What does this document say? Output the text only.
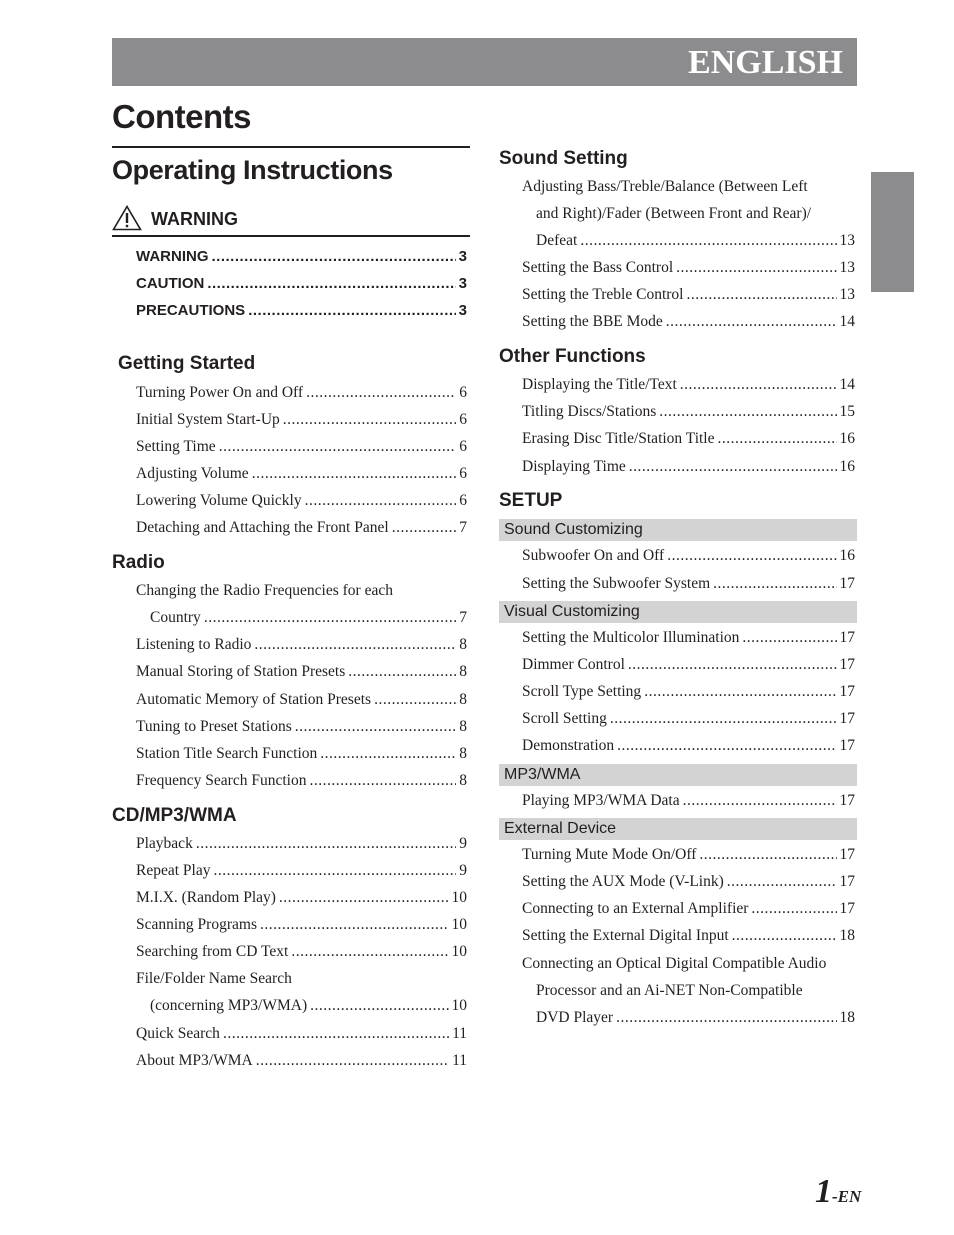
ENGLISH
Contents
Operating Instructions
WARNING
WARNING .....	3
CAUTION .....	3
PRECAUTIONS .....	3
Getting Started
Turning Power On and Off .....	6
Initial System Start-Up .....	6
Setting Time .....	6
Adjusting Volume .....	6
Lowering Volume Quickly .....	6
Detaching and Attaching the Front Panel .....	7
Radio
Changing the Radio Frequencies for each
Country .....	7
Listening to Radio .....	8
Manual Storing of Station Presets .....	8
Automatic Memory of Station Presets .....	8
Tuning to Preset Stations .....	8
Station Title Search Function .....	8
Frequency Search Function .....	8
CD/MP3/WMA
Playback .....	9
Repeat Play .....	9
M.I.X. (Random Play) .....	10
Scanning Programs .....	10
Searching from CD Text .....	10
File/Folder Name Search
(concerning MP3/WMA) .....	10
Quick Search .....	11
About MP3/WMA .....	11
Sound Setting
Adjusting Bass/Treble/Balance (Between Left
and Right)/Fader (Between Front and Rear)/
Defeat .....	13
Setting the Bass Control .....	13
Setting the Treble Control .....	13
Setting the BBE Mode .....	14
Other Functions
Displaying the Title/Text .....	14
Titling Discs/Stations .....	15
Erasing Disc Title/Station Title .....	16
Displaying Time .....	16
SETUP
Sound Customizing
Subwoofer On and Off .....	16
Setting the Subwoofer System .....	17
Visual Customizing
Setting the Multicolor Illumination .....	17
Dimmer Control .....	17
Scroll Type Setting .....	17
Scroll Setting .....	17
Demonstration .....	17
MP3/WMA
Playing MP3/WMA Data .....	17
External Device
Turning Mute Mode On/Off .....	17
Setting the AUX Mode (V-Link) .....	17
Connecting to an External Amplifier .....	17
Setting the External Digital Input .....	18
Connecting an Optical Digital Compatible Audio
Processor and an Ai-NET Non-Compatible
DVD Player .....	18
1-EN
